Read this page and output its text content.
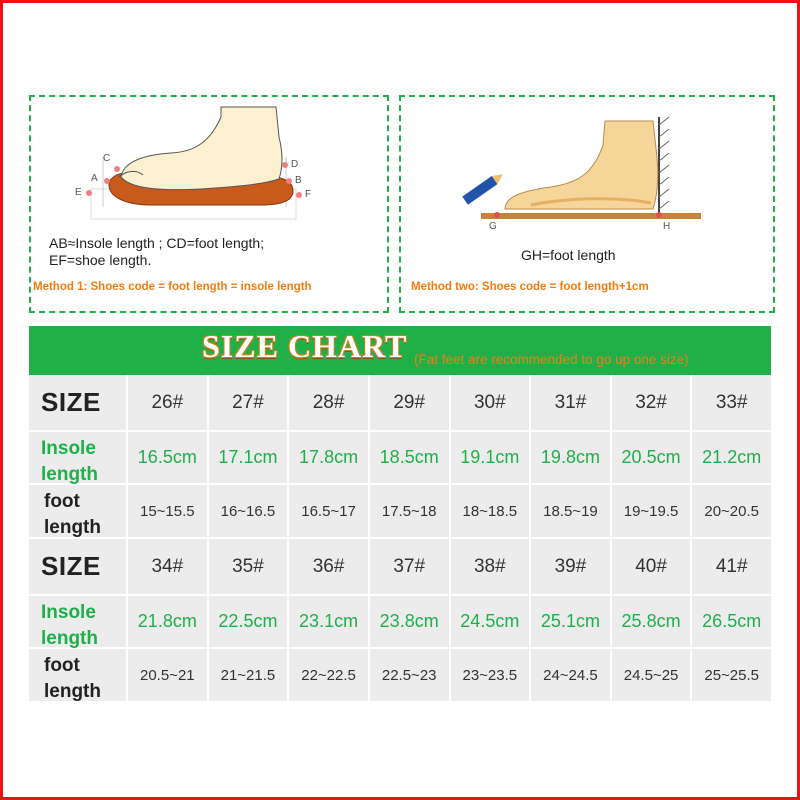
C
A
E
D
B
F
AB≈Insole length ; CD=foot length;
EF=shoe length.
Method 1: Shoes code = foot length = insole length
G	H
GH=foot length
Method two: Shoes code = foot length+1cm
SIZE CHART (Fat feet are recommended to go up one size)
SIZE	26#	27#	28#	29#	30#	31#	32#	33#
Insole
length
16.5cm	17.1cm	17.8cm	18.5cm	19.1cm	19.8cm	20.5cm	21.2cm
foot
length
15~15.5	16~16.5	16.5~17	17.5~18	18~18.5	18.5~19	19~19.5	20~20.5
SIZE	34#	35#	36#	37#	38#	39#	40#	41#
Insole
length
21.8cm	22.5cm	23.1cm	23.8cm	24.5cm	25.1cm	25.8cm	26.5cm
foot
length
20.5~21	21~21.5	22~22.5	22.5~23	23~23.5	24~24.5	24.5~25	25~25.5
